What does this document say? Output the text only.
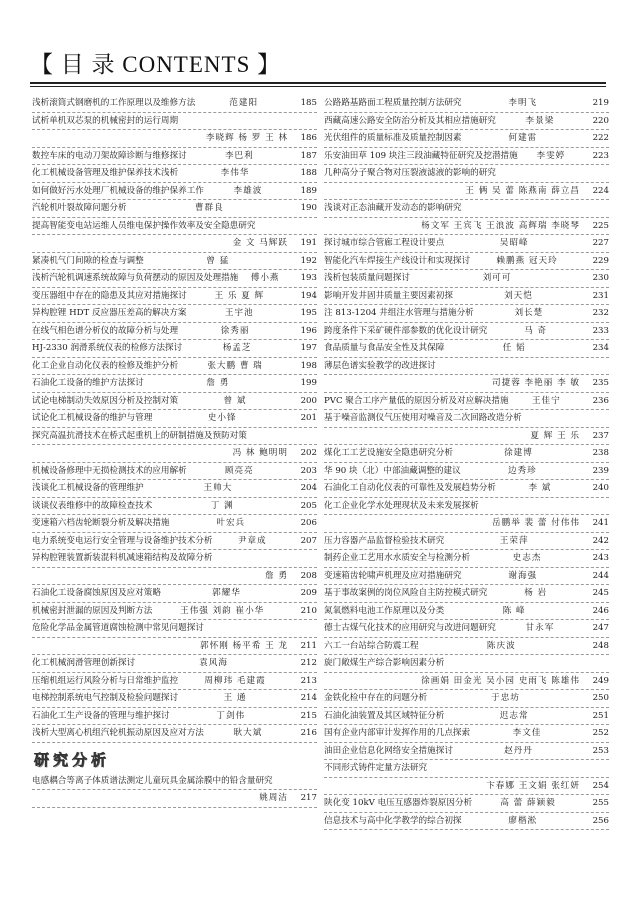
【 目 录 CONTENTS 】
浅析滚筒式钢磨机的工作原理以及维修方法	范建阳	185
试析单机双芯泵的机械密封的运行周期
李晓辉 杨 罗 王 林	186
数控车床的电动刀架故障诊断与维修探讨	李巴利	187
化工机械设备管理及维护保养技术浅析	李伟华	188
如何做好污水处理厂机械设备的维护保养工作	李雄波	189
汽轮机叶裂故障问题分析	曹群良	190
提高智能变电站运维人员维电保护操作效率及安全隐患研究
金 文 马辉跃	191
紧凑机气门间隙的检查与调整	曾 猛	192
浅析汽轮机调速系统故障与负荷摆动的原因及处理措施 傅小燕	193
变压器组中存在的隐患及其应对措施探讨	王 乐 夏 辉	194
异构腔锂 HDT 反应器压差高的解决方案	王宇池	195
在线气相色谱分析仪的故障分析与处理	徐秀丽	196
HJ-2330 润滑系统仪表的检修方法探讨	杨孟芝	197
化工企业自动化仪表的检修及维护分析	张大鹏 曹 瑞	198
石油化工设备的维护方法探讨	詹 勇	199
试论电梯制动失效原因分析及控制对策	曾 斌	200
试论化工机械设备的维护与管理	史小锋	201
探究高温抗滑技术在桥式起重机上的研制措施及预防对策
冯 林 鲍明明	202
机械设备修理中无损检测技术的应用解析	顾亮亮	203
浅谈化工机械设备的管理维护	王帅大	204
谈谈仪表维修中的故障检查技术	丁 渊	205
变速箱六档齿轮断裂分析及解决措施	叶宏兵	206
电力系统变电运行安全管理与设备维护技术分析	尹章成	207
异构腔锂装置新装混料机减速箱结构及故障分析
詹 勇	208
石油化工设备腐蚀原因及应对策略	郭耀华	209
机械密封泄漏的原因及判断方法	王伟强 刘韵 崔小华	210
危险化学品金属管道腐蚀检测中常见问题探讨
郭怀刚 杨平希 王 龙	211
化工机械润滑管理创新探讨	袁风海	212
压缩机组运行风险分析与日常维护监控	周柳玮 毛建霞	213
电梯控制系统电气控制及检验问题探讨	王 通	214
石油化工生产设备的管理与维护探讨	丁剑伟	215
浅析大型离心机组汽轮机振动原因及应对方法	耿大斌	216
研究分析
电感耦合等离子体质谱法测定儿童玩具金属涂膜中的铅含量研究
姚周洁	217
公路路基路面工程质量控制方法研究	李明飞	219
西藏高速公路安全防治分析及其相应措施研究	李景梁	220
光伏组件的质量标准及质量控制因素	何建雷	222
乐安油田草 109 块注三段油藏特征研究及挖潜措施 李雯婷	223
几种高分子聚合物对压裂液滤液的影响的研究
王 俩 吴 蕾 陈燕南 薛立昌	224
浅谈对正态油藏开发动态的影响研究
杨文军 王宾飞 王浪波 高辉瑞 李晓琴	225
探讨城市综合管廊工程设计要点	吴昭峰	227
智能化汽车焊接生产线设计和实现探讨	赖鹏燕 冠天玲	229
浅析包装质量问题探讨	刘可可	230
影响开发井固井质量主要因素初探	刘天恺	231
注 813-1204 井组注水管理与措施分析	刘长楚	232
跨度条件下采矿硬件部参数的优化设计研究	马 奇	233
食品质量与食品安全性及其保障	任 韬	234
薄层色谱实验教学的改进探讨
司捷蓉 李艳丽 李 敏	235
PVC 聚合工序产量低的原因分析及对应解决措施	王佳宁	236
基于噪音监测仪气压使用对噪音及二次回路改造分析
夏 辉 王 乐	237
煤化工工艺设施安全隐患研究分析	徐建博	238
华 90 块（北）中部油藏调整的建议	边秀珍	239
石油化工自动化仪表的可靠性及发展趋势分析	李 斌	240
化工企业化学水处理现状及未来发展探析
岳鹏举 裴 蕾 付伟伟	241
压力容器产品监督检验技术研究	王荣萍	242
制药企业工艺用水水质安全与检测分析	史志杰	243
变速箱齿轮啸声机理及应对措施研究	谢海强	244
基于事故案例的岗位风险自主防控模式研究	杨 岩	245
氮氧燃料电池工作原理以及分类	陈 峰	246
德士古煤气化技术的应用研究与改进问题研究	甘永军	247
六工一台站综合防震工程	陈庆波	248
旋门敞煤生产综合影响因素分析
徐画娟 田金光 吴小园 史雨飞 陈雄伟	249
金铁化检中存在的问题分析	于忠坊	250
石油化油装置及其区域特征分析	迟志常	251
国有企业内部审计发挥作用的几点探索	李文佳	252
油田企业信息化网络安全措施探讨	赵丹丹	253
不同形式铸件定量方法研究
卞春娜 王文娟 张红妍	254
陕化变 10kV 电压互感器炸裂原因分析	高 蕾 薛颖毅	255
信息技术与高中化学教学的综合初探	廖楷淞	256
